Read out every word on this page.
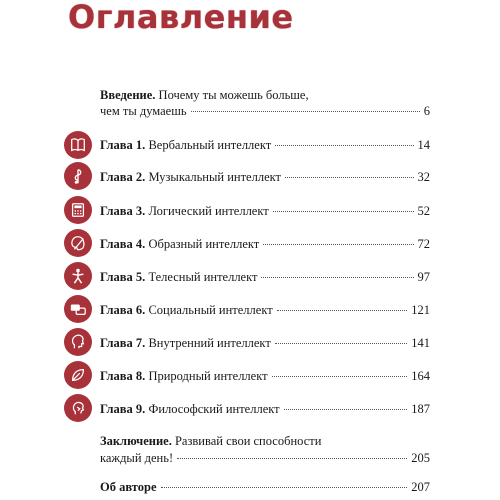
Оглавление
Введение. Почему ты можешь больше,
чем ты думаешь	6
Глава 1. Вербальный интеллект	14
Глава 2. Музыкальный интеллект	32
Глава 3. Логический интеллект	52
Глава 4. Образный интеллект	72
Глава 5. Телесный интеллект	97
Глава 6. Социальный интеллект	121
Глава 7. Внутренний интеллект	141
Глава 8. Природный интеллект	164
Глава 9. Философский интеллект	187
Заключение. Развивай свои способности
каждый день!	205
Об авторе	207
